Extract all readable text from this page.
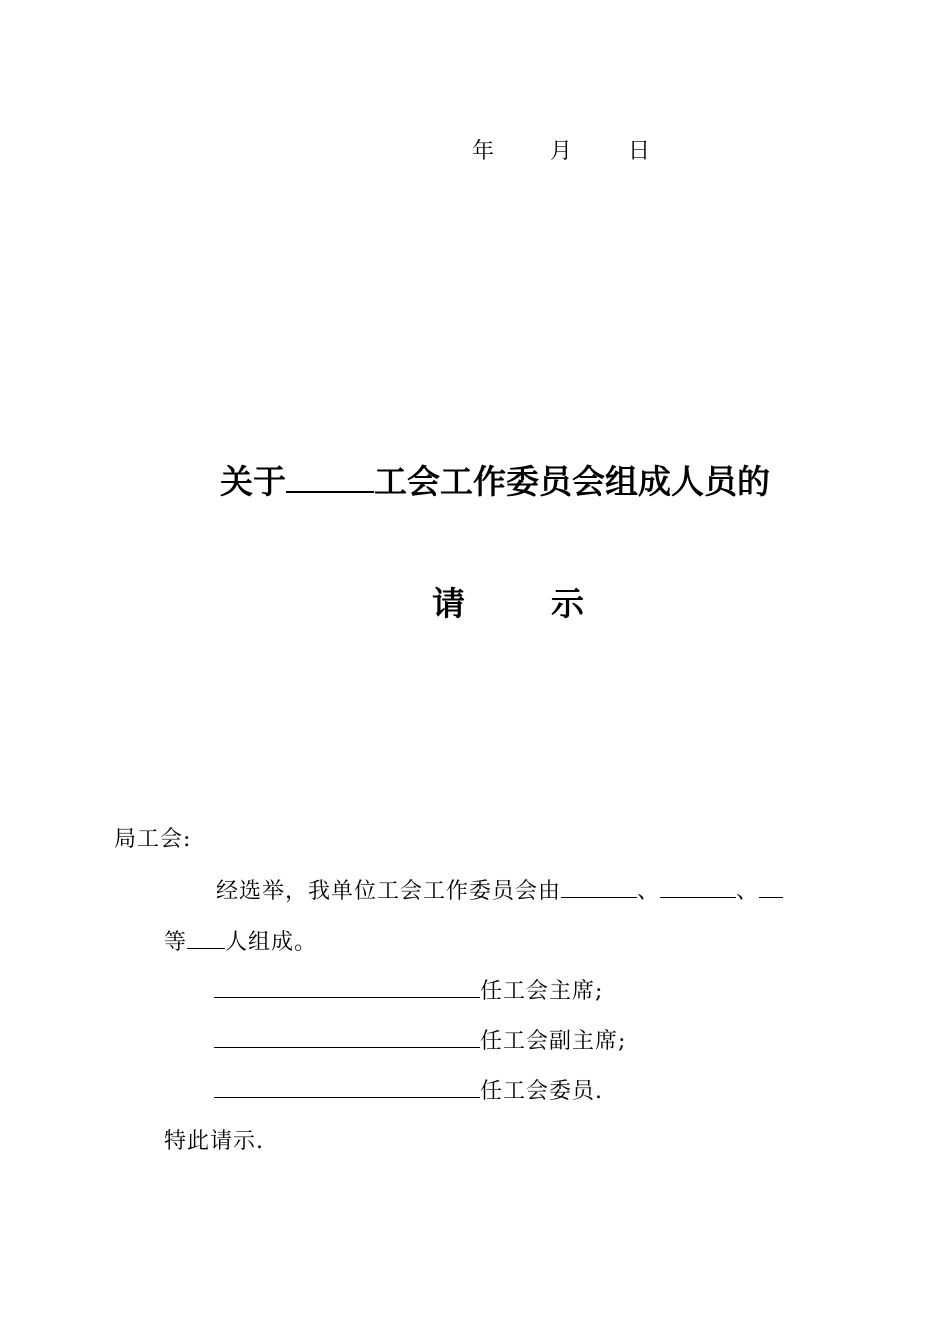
年	月	日
关于	工会工作委员会组成人员的
请	示
局工会:
经选举，我单位工会工作委员会由	、	、
等 人组成。
任工会主席;
任工会副主席;
任工会委员.
特此请示.
